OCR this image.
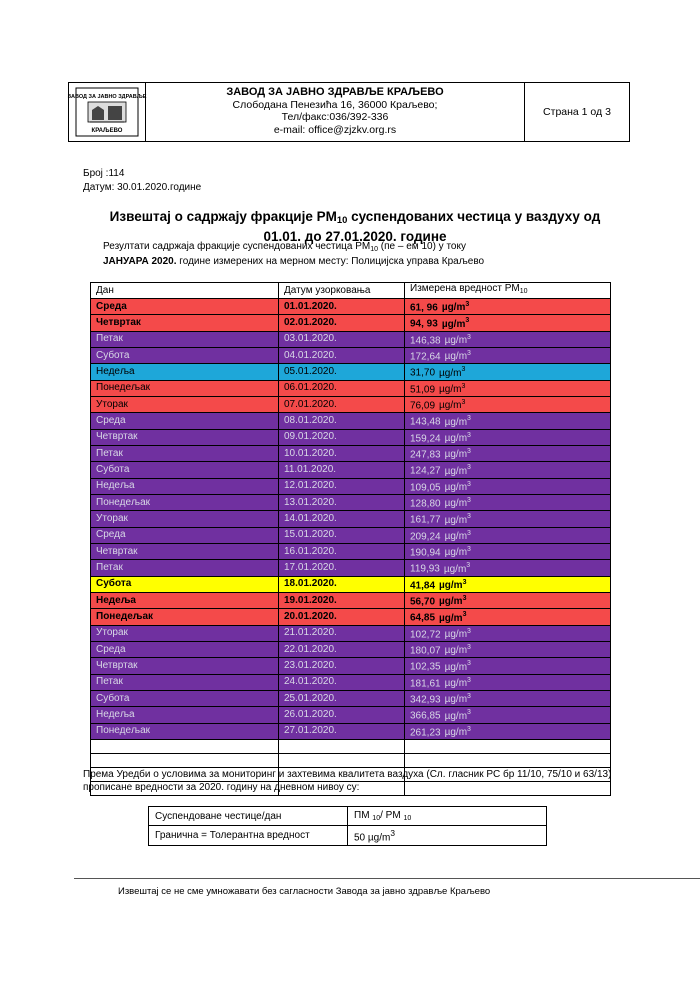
ЗАВОД ЗА ЈАВНО ЗДРАВЉЕ
КРАЉЕВО
ЗАВОД ЗА ЈАВНО ЗДРАВЉЕ КРАЉЕВО
Слободана Пенезића 16, 36000 Краљево;
Тел/факс:036/392-336
e-mail: office@zjzkv.org.rs
Страна 1 од 3
Број :114
Датум: 30.01.2020.године
Извештај о садржају фракције $PM_{10}$ суспендованих честица у ваздуху од
01.01. до 27.01.2020. године
Резултати садржаја фракције суспендованих честица $PM_{10}$ (пе – ем 10) у току
ЈАНУАРА 2020. године измерених на мерном месту: Полицијска управа Краљево
Дан	Датум узорковања	Измерена вредност $PM_{10}$
Среда	01.01.2020.	61, 96 $\mu g/m^3$
Четвртак	02.01.2020.	94, 93 $\mu g/m^3$
Петак	03.01.2020.	146,38 $\mu g/m^3$
Субота	04.01.2020.	172,64 $\mu g/m^3$
Недеља	05.01.2020.	31,70 $\mu g/m^3$
Понедељак	06.01.2020.	51,09 $\mu g/m^3$
Уторак	07.01.2020.	76,09 $\mu g/m^3$
Среда	08.01.2020.	143,48 $\mu g/m^3$
Четвртак	09.01.2020.	159,24 $\mu g/m^3$
Петак	10.01.2020.	247,83 $\mu g/m^3$
Субота	11.01.2020.	124,27 $\mu g/m^3$
Недеља	12.01.2020.	109,05 $\mu g/m^3$
Понедељак	13.01.2020.	128,80 $\mu g/m^3$
Уторак	14.01.2020.	161,77 $\mu g/m^3$
Среда	15.01.2020.	209,24 $\mu g/m^3$
Четвртак	16.01.2020.	190,94 $\mu g/m^3$
Петак	17.01.2020.	119,93 $\mu g/m^3$
Субота	18.01.2020.	41,84 $\mu g/m^3$
Недеља	19.01.2020.	56,70 $\mu g/m^3$
Понедељак	20.01.2020.	64,85 $\mu g/m^3$
Уторак	21.01.2020.	102,72 $\mu g/m^3$
Среда	22.01.2020.	180,07 $\mu g/m^3$
Четвртак	23.01.2020.	102,35 $\mu g/m^3$
Петак	24.01.2020.	181,61 $\mu g/m^3$
Субота	25.01.2020.	342,93 $\mu g/m^3$
Недеља	26.01.2020.	366,85 $\mu g/m^3$
Понедељак	27.01.2020.	261,23 $\mu g/m^3$

Према Уредби о условима за мониторинг и захтевима квалитета ваздуха (Сл. гласник РС бр 11/10, 75/10 и 63/13) прописане вредности за 2020. годину на дневном нивоу су:
Суспендоване честице/дан	ПМ $_{10}$/ PM $_{10}$
Гранична = Толерантна вредност	50 $\mu g/m^3$
Извештај се не сме умножавати без сагласности Завода за јавно здравље Краљево
